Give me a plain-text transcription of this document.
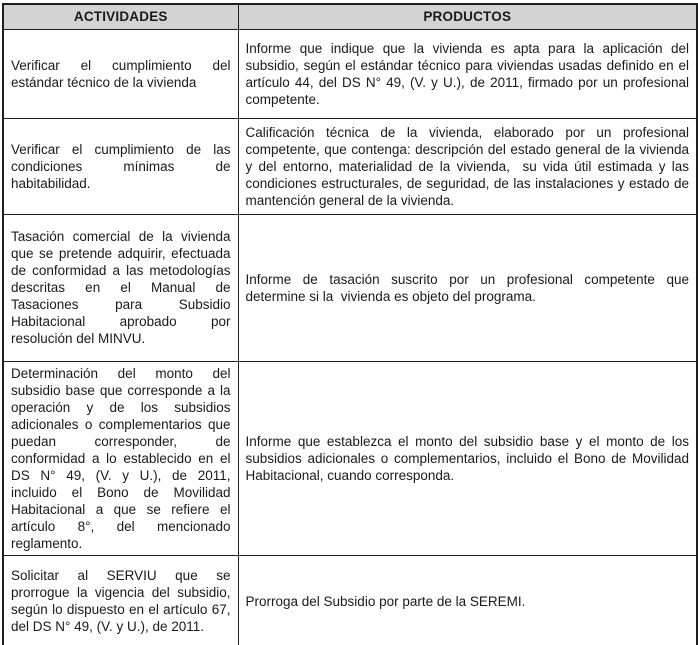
ACTIVIDADES	PRODUCTOS
Verificar el cumplimiento del estándar técnico de la vivienda	Informe que indique que la vivienda es apta para la aplicación del subsidio, según el estándar técnico para viviendas usadas definido en el artículo 44, del DS N° 49, (V. y U.), de 2011, firmado por un profesional competente.
Verificar el cumplimiento de las condiciones mínimas de habitabilidad.	Calificación técnica de la vivienda, elaborado por un profesional competente, que contenga: descripción del estado general de la vivienda y del entorno, materialidad de la vivienda,  su vida útil estimada y las condiciones estructurales, de seguridad, de las instalaciones y estado de mantención general de la vivienda.
Tasación comercial de la vivienda que se pretende adquirir, efectuada de conformidad a las metodologías descritas en el Manual de Tasaciones para Subsidio Habitacional aprobado por resolución del MINVU.	Informe de tasación suscrito por un profesional competente que determine si la  vivienda es objeto del programa.
Determinación del monto del subsidio base que corresponde a la operación y de los subsidios adicionales o complementarios que puedan corresponder, de conformidad a lo establecido en el DS N° 49, (V. y U.), de 2011, incluido el Bono de Movilidad Habitacional a que se refiere el artículo 8°, del mencionado reglamento.	Informe que establezca el monto del subsidio base y el monto de los subsidios adicionales o complementarios, incluido el Bono de Movilidad Habitacional, cuando corresponda.
Solicitar al SERVIU que se prorrogue la vigencia del subsidio, según lo dispuesto en el artículo 67, del DS N° 49, (V. y U.), de 2011.	Prorroga del Subsidio por parte de la SEREMI.
